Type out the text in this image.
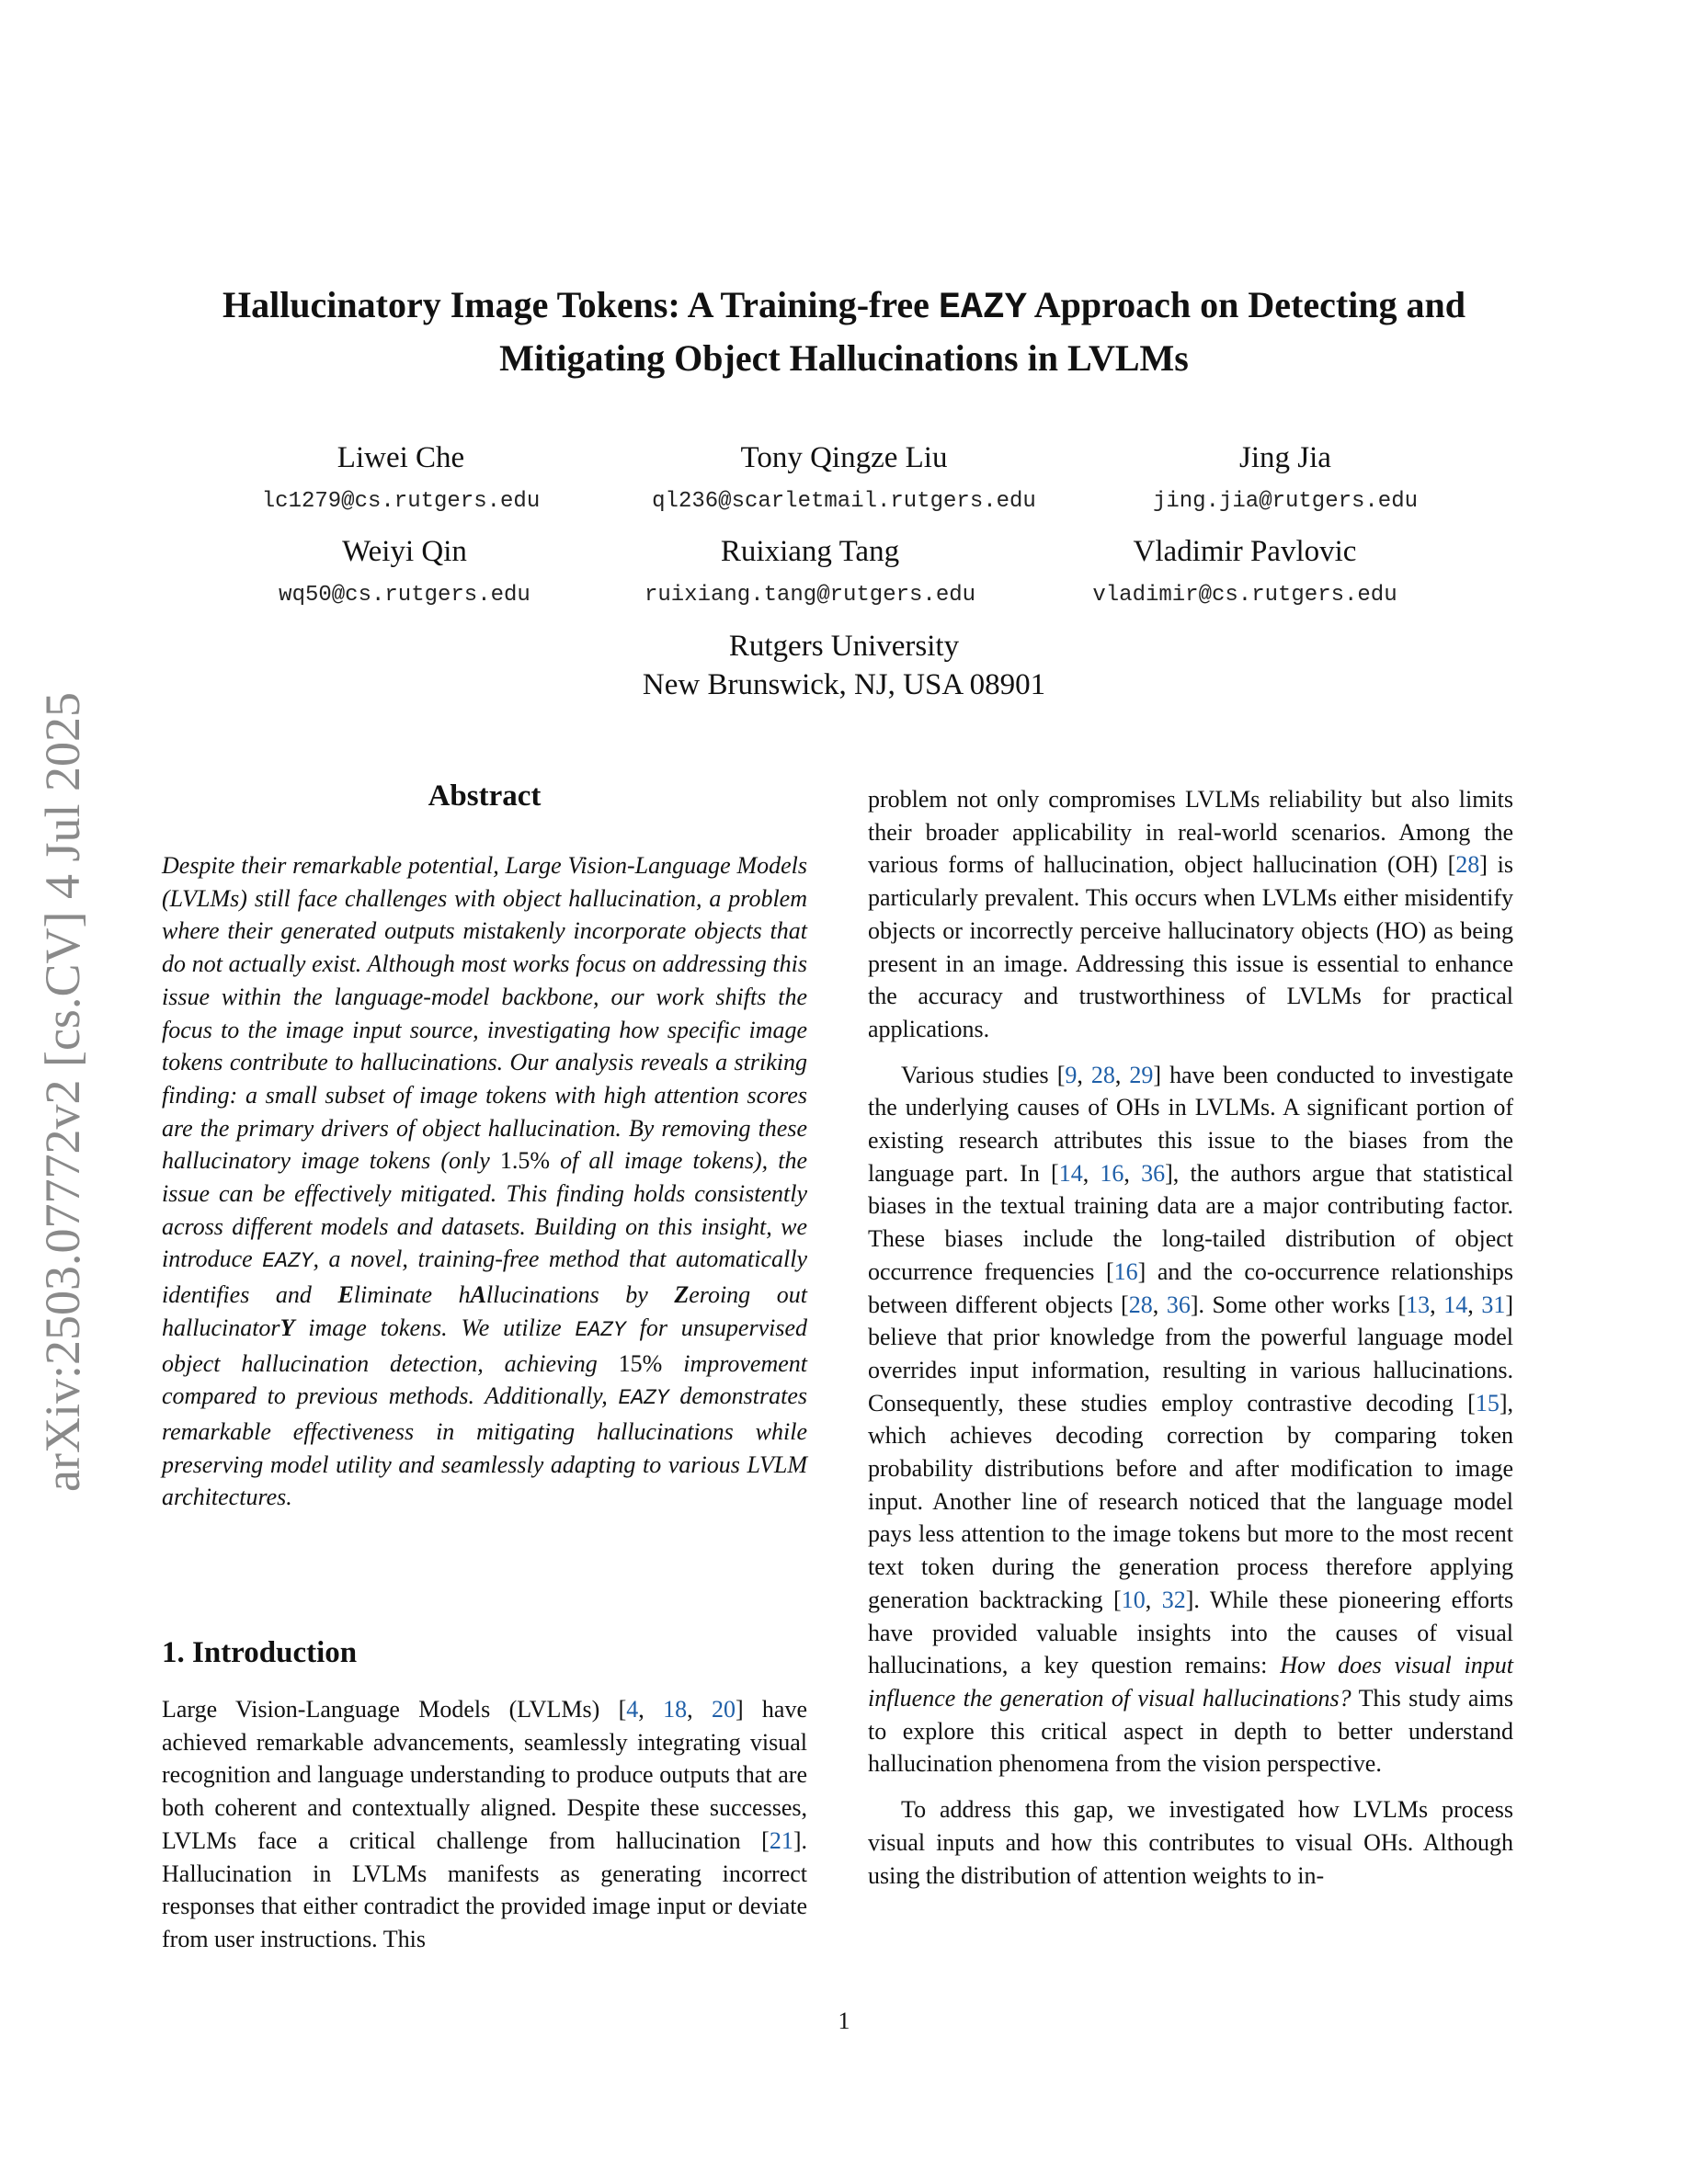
Hallucinatory Image Tokens: A Training-free EAZY Approach on Detecting and
Mitigating Object Hallucinations in LVLMs
Liwei Che
lc1279@cs.rutgers.edu
Tony Qingze Liu
ql236@scarletmail.rutgers.edu
Jing Jia
jing.jia@rutgers.edu
Weiyi Qin
wq50@cs.rutgers.edu
Ruixiang Tang
ruixiang.tang@rutgers.edu
Vladimir Pavlovic
vladimir@cs.rutgers.edu
Rutgers University
New Brunswick, NJ, USA 08901
arXiv:2503.07772v2 [cs.CV] 4 Jul 2025	Abstract

Despite their remarkable potential, Large Vision-Language Models (LVLMs) still face challenges with object hallucination, a problem where their generated outputs mistakenly incorporate objects that do not actually exist. Although most works focus on addressing this issue within the language-model backbone, our work shifts the focus to the image input source, investigating how specific image tokens contribute to hallucinations. Our analysis reveals a striking finding: a small subset of image tokens with high attention scores are the primary drivers of object hallucination. By removing these hallucinatory image tokens (only 1.5% of all image tokens), the issue can be effectively mitigated. This finding holds consistently across different models and datasets. Building on this insight, we introduce EAZY, a novel, training-free method that automatically identifies and Eliminate hAllucinations by Zeroing out hallucinatorY image tokens. We utilize EAZY for unsupervised object hallucination detection, achieving 15% improvement compared to previous methods. Additionally, EAZY demonstrates remarkable effectiveness in mitigating hallucinations while preserving model utility and seamlessly adapting to various LVLM architectures.

1. Introduction

Large Vision-Language Models (LVLMs) [4, 18, 20] have achieved remarkable advancements, seamlessly integrating visual recognition and language understanding to produce outputs that are both coherent and contextually aligned. Despite these successes, LVLMs face a critical challenge from hallucination [21]. Hallucination in LVLMs manifests as generating incorrect responses that either contradict the provided image input or deviate from user instructions. This

problem not only compromises LVLMs reliability but also limits their broader applicability in real-world scenarios. Among the various forms of hallucination, object hallucination (OH) [28] is particularly prevalent. This occurs when LVLMs either misidentify objects or incorrectly perceive hallucinatory objects (HO) as being present in an image. Addressing this issue is essential to enhance the accuracy and trustworthiness of LVLMs for practical applications.

Various studies [9, 28, 29] have been conducted to investigate the underlying causes of OHs in LVLMs. A significant portion of existing research attributes this issue to the biases from the language part. In [14, 16, 36], the authors argue that statistical biases in the textual training data are a major contributing factor. These biases include the long-tailed distribution of object occurrence frequencies [16] and the co-occurrence relationships between different objects [28, 36]. Some other works [13, 14, 31] believe that prior knowledge from the powerful language model overrides input information, resulting in various hallucinations. Consequently, these studies employ contrastive decoding [15], which achieves decoding correction by comparing token probability distributions before and after modification to image input. Another line of research noticed that the language model pays less attention to the image tokens but more to the most recent text token during the generation process therefore applying generation backtracking [10, 32]. While these pioneering efforts have provided valuable insights into the causes of visual hallucinations, a key question remains: How does visual input influence the generation of visual hallucinations? This study aims to explore this critical aspect in depth to better understand hallucination phenomena from the vision perspective.

To address this gap, we investigated how LVLMs process visual inputs and how this contributes to visual OHs. Although using the distribution of attention weights to in-

1
